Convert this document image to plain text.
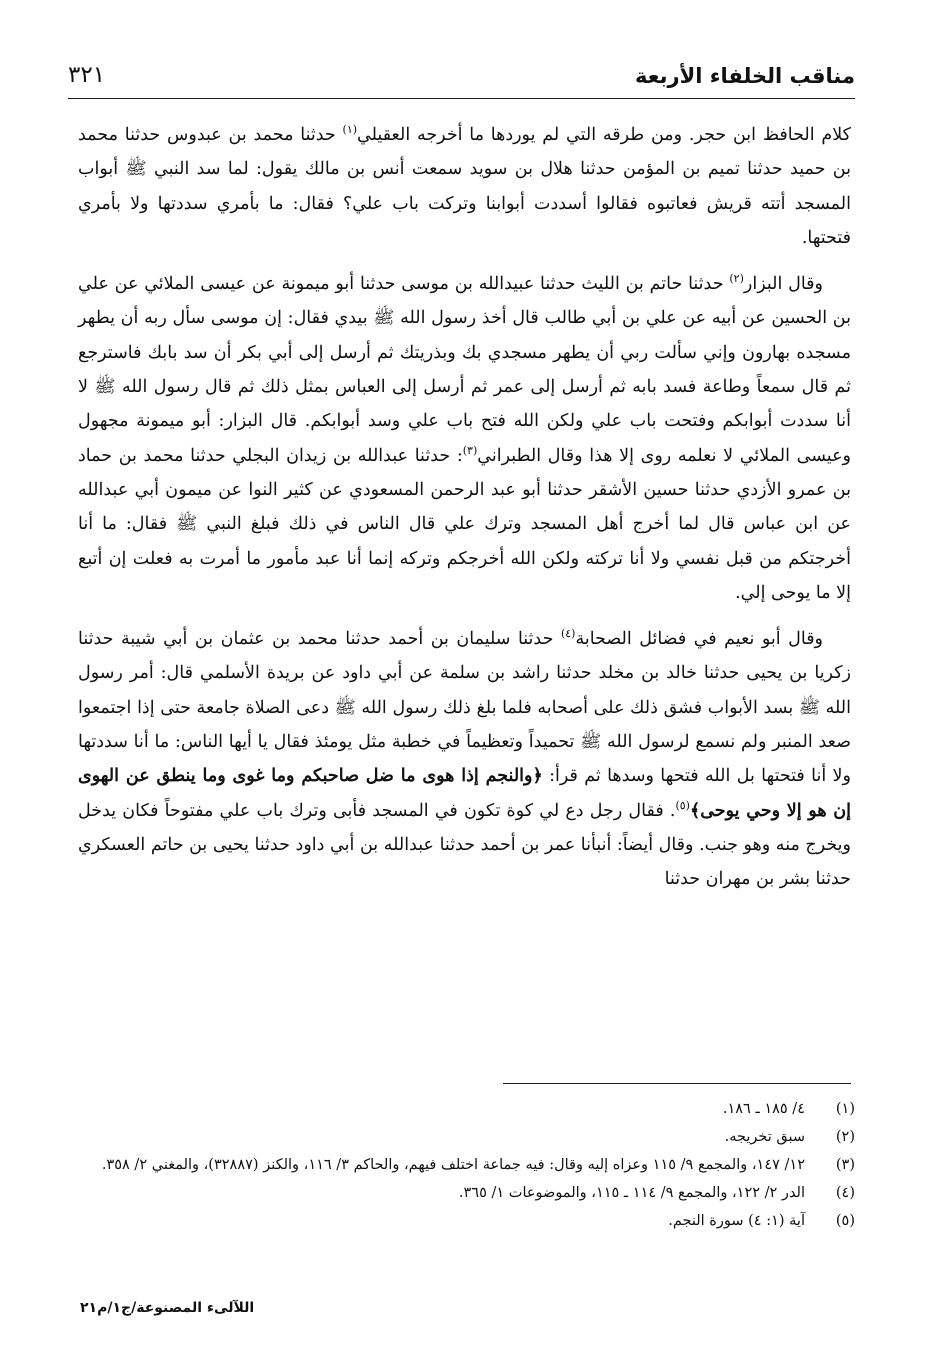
مناقب الخلفاء الأربعة
٣٢١

كلام الحافظ ابن حجر. ومن طرقه التي لم يوردها ما أخرجه العقيلي$^{(١)}$ حدثنا محمد بن عبدوس حدثنا محمد بن حميد حدثنا تميم بن المؤمن حدثنا هلال بن سويد سمعت أنس بن مالك يقول: لما سد النبي ﷺ أبواب المسجد أتته قريش فعاتبوه فقالوا أسددت أبوابنا وتركت باب علي؟ فقال: ما بأمري سددتها ولا بأمري فتحتها.

وقال البزار$^{(٢)}$ حدثنا حاتم بن الليث حدثنا عبيدالله بن موسى حدثنا أبو ميمونة عن عيسى الملائي عن علي بن الحسين عن أبيه عن علي بن أبي طالب قال أخذ رسول الله ﷺ بيدي فقال: إن موسى سأل ربه أن يطهر مسجده بهارون وإني سألت ربي أن يطهر مسجدي بك وبذريتك ثم أرسل إلى أبي بكر أن سد بابك فاسترجع ثم قال سمعاً وطاعة فسد بابه ثم أرسل إلى عمر ثم أرسل إلى العباس بمثل ذلك ثم قال رسول الله ﷺ لا أنا سددت أبوابكم وفتحت باب علي ولكن الله فتح باب علي وسد أبوابكم. قال البزار: أبو ميمونة مجهول وعيسى الملائي لا نعلمه روى إلا هذا وقال الطبراني$^{(٣)}$: حدثنا عبدالله بن زيدان البجلي حدثنا محمد بن حماد بن عمرو الأزدي حدثنا حسين الأشقر حدثنا أبو عبد الرحمن المسعودي عن كثير النوا عن ميمون أبي عبدالله عن ابن عباس قال لما أخرج أهل المسجد وترك علي قال الناس في ذلك فبلغ النبي ﷺ فقال: ما أنا أخرجتكم من قبل نفسي ولا أنا تركته ولكن الله أخرجكم وتركه إنما أنا عبد مأمور ما أمرت به فعلت إن أتبع إلا ما يوحى إلي.

وقال أبو نعيم في فضائل الصحابة$^{(٤)}$ حدثنا سليمان بن أحمد حدثنا محمد بن عثمان بن أبي شيبة حدثنا زكريا بن يحيى حدثنا خالد بن مخلد حدثنا راشد بن سلمة عن أبي داود عن بريدة الأسلمي قال: أمر رسول الله ﷺ بسد الأبواب فشق ذلك على أصحابه فلما بلغ ذلك رسول الله ﷺ دعى الصلاة جامعة حتى إذا اجتمعوا صعد المنبر ولم نسمع لرسول الله ﷺ تحميداً وتعظيماً في خطبة مثل يومئذ فقال يا أيها الناس: ما أنا سددتها ولا أنا فتحتها بل الله فتحها وسدها ثم قرأ: ﴿والنجم إذا هوى ما ضل صاحبكم وما غوى وما ينطق عن الهوى إن هو إلا وحي يوحى﴾$^{(٥)}$. فقال رجل دع لي كوة تكون في المسجد فأبى وترك باب علي مفتوحاً فكان يدخل ويخرج منه وهو جنب. وقال أيضاً: أنبأنا عمر بن أحمد حدثنا عبدالله بن أبي داود حدثنا يحيى بن حاتم العسكري حدثنا بشر بن مهران حدثنا

(١)
٤/ ١٨٥ ـ ١٨٦.
(٢)
سبق تخريجه.
(٣)
١٢/ ١٤٧، والمجمع ٩/ ١١٥ وعزاه إليه وقال: فيه جماعة اختلف فيهم، والحاكم ٣/ ١١٦، والكنز (٣٢٨٨٧)، والمغني ٢/ ٣٥٨.
(٤)
الدر ٢/ ١٢٢، والمجمع ٩/ ١١٤ ـ ١١٥، والموضوعات ١/ ٣٦٥.
(٥)
آية (١: ٤) سورة النجم.
اللآلىء المصنوعة/ج١/م٢١
